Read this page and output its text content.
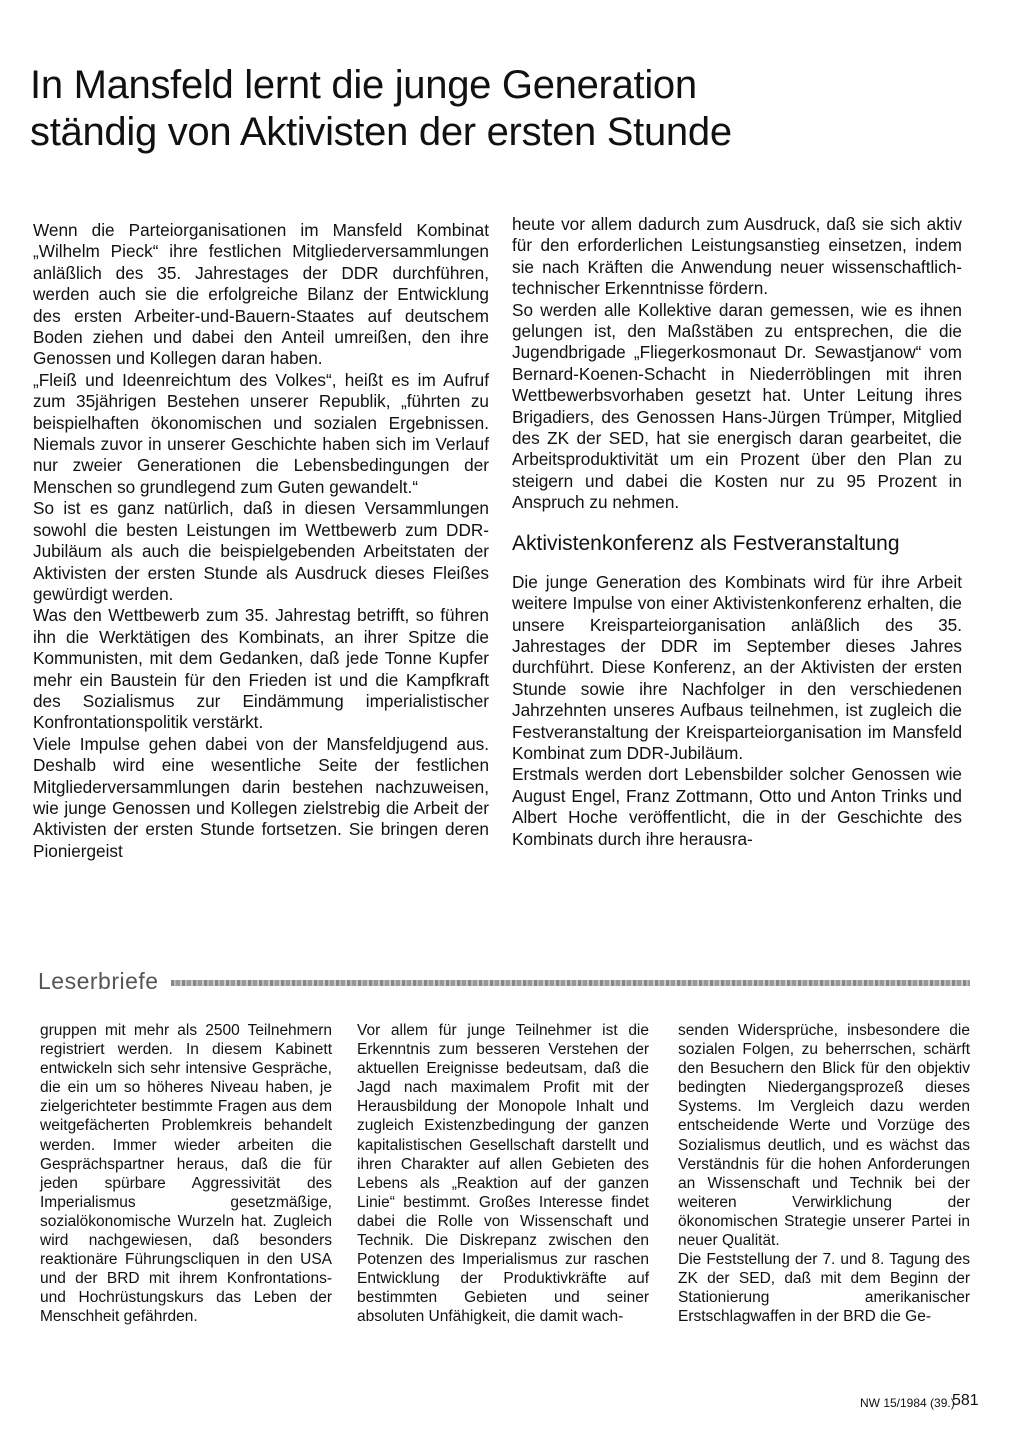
In Mansfeld lernt die junge Generation
ständig von Aktivisten der ersten Stunde

Wenn die Parteiorganisationen im Mansfeld Kombinat „Wilhelm Pieck“ ihre festlichen Mitgliederversammlungen anläßlich des 35. Jahrestages der DDR durchführen, werden auch sie die erfolgreiche Bilanz der Entwicklung des ersten Arbeiter-und-Bauern-Staates auf deutschem Boden ziehen und dabei den Anteil umreißen, den ihre Genossen und Kollegen daran haben.

„Fleiß und Ideenreichtum des Volkes“, heißt es im Aufruf zum 35jährigen Bestehen unserer Republik, „führten zu beispielhaften ökonomischen und sozialen Ergebnissen. Niemals zuvor in unserer Geschichte haben sich im Verlauf nur zweier Generationen die Lebensbedingungen der Menschen so grundlegend zum Guten gewandelt.“

So ist es ganz natürlich, daß in diesen Versammlungen sowohl die besten Leistungen im Wettbewerb zum DDR-Jubiläum als auch die beispielgebenden Arbeitstaten der Aktivisten der ersten Stunde als Ausdruck dieses Fleißes gewürdigt werden.

Was den Wettbewerb zum 35. Jahrestag betrifft, so führen ihn die Werktätigen des Kombinats, an ihrer Spitze die Kommunisten, mit dem Gedanken, daß jede Tonne Kupfer mehr ein Baustein für den Frieden ist und die Kampfkraft des Sozialismus zur Eindämmung imperialistischer Konfrontationspolitik verstärkt.

Viele Impulse gehen dabei von der Mansfeldjugend aus. Deshalb wird eine wesentliche Seite der festlichen Mitgliederversammlungen darin bestehen nachzuweisen, wie junge Genossen und Kollegen zielstrebig die Arbeit der Aktivisten der ersten Stunde fortsetzen. Sie bringen deren Pioniergeist

heute vor allem dadurch zum Ausdruck, daß sie sich aktiv für den erforderlichen Leistungsanstieg einsetzen, indem sie nach Kräften die Anwendung neuer wissenschaftlich-technischer Erkenntnisse fördern.

So werden alle Kollektive daran gemessen, wie es ihnen gelungen ist, den Maßstäben zu entsprechen, die die Jugendbrigade „Fliegerkosmonaut Dr. Sewastjanow“ vom Bernard-Koenen-Schacht in Niederröblingen mit ihren Wettbewerbsvorhaben gesetzt hat. Unter Leitung ihres Brigadiers, des Genossen Hans-Jürgen Trümper, Mitglied des ZK der SED, hat sie energisch daran gearbeitet, die Arbeitsproduktivität um ein Prozent über den Plan zu steigern und dabei die Kosten nur zu 95 Prozent in Anspruch zu nehmen.

Aktivistenkonferenz als Festveranstaltung

Die junge Generation des Kombinats wird für ihre Arbeit weitere Impulse von einer Aktivistenkonferenz erhalten, die unsere Kreisparteiorganisation anläßlich des 35. Jahrestages der DDR im September dieses Jahres durchführt. Diese Konferenz, an der Aktivisten der ersten Stunde sowie ihre Nachfolger in den verschiedenen Jahrzehnten unseres Aufbaus teilnehmen, ist zugleich die Festveranstaltung der Kreisparteiorganisation im Mansfeld Kombinat zum DDR-Jubiläum.

Erstmals werden dort Lebensbilder solcher Genossen wie August Engel, Franz Zottmann, Otto und Anton Trinks und Albert Hoche veröffentlicht, die in der Geschichte des Kombinats durch ihre herausra-

Leserbriefe

gruppen mit mehr als 2500 Teilnehmern registriert werden. In diesem Kabinett entwickeln sich sehr intensive Gespräche, die ein um so höheres Niveau haben, je zielgerichteter bestimmte Fragen aus dem weitgefächerten Problemkreis behandelt werden. Immer wieder arbeiten die Gesprächspartner heraus, daß die für jeden spürbare Aggressivität des Imperialismus gesetzmäßige, sozialökonomische Wurzeln hat. Zugleich wird nachgewiesen, daß besonders reaktionäre Führungscliquen in den USA und der BRD mit ihrem Konfrontations- und Hochrüstungskurs das Leben der Menschheit gefährden.

Vor allem für junge Teilnehmer ist die Erkenntnis zum besseren Verstehen der aktuellen Ereignisse bedeutsam, daß die Jagd nach maximalem Profit mit der Herausbildung der Monopole Inhalt und zugleich Existenzbedingung der ganzen kapitalistischen Gesellschaft darstellt und ihren Charakter auf allen Gebieten des Lebens als „Reaktion auf der ganzen Linie“ bestimmt. Großes Interesse findet dabei die Rolle von Wissenschaft und Technik. Die Diskrepanz zwischen den Potenzen des Imperialismus zur raschen Entwicklung der Produktivkräfte auf bestimmten Gebieten und seiner absoluten Unfähigkeit, die damit wach-

senden Widersprüche, insbesondere die sozialen Folgen, zu beherrschen, schärft den Besuchern den Blick für den objektiv bedingten Niedergangsprozeß dieses Systems. Im Vergleich dazu werden entscheidende Werte und Vorzüge des Sozialismus deutlich, und es wächst das Verständnis für die hohen Anforderungen an Wissenschaft und Technik bei der weiteren Verwirklichung der ökonomischen Strategie unserer Partei in neuer Qualität.

Die Feststellung der 7. und 8. Tagung des ZK der SED, daß mit dem Beginn der Stationierung amerikanischer Erstschlagwaffen in der BRD die Ge-

NW 15/1984 (39.)
581
